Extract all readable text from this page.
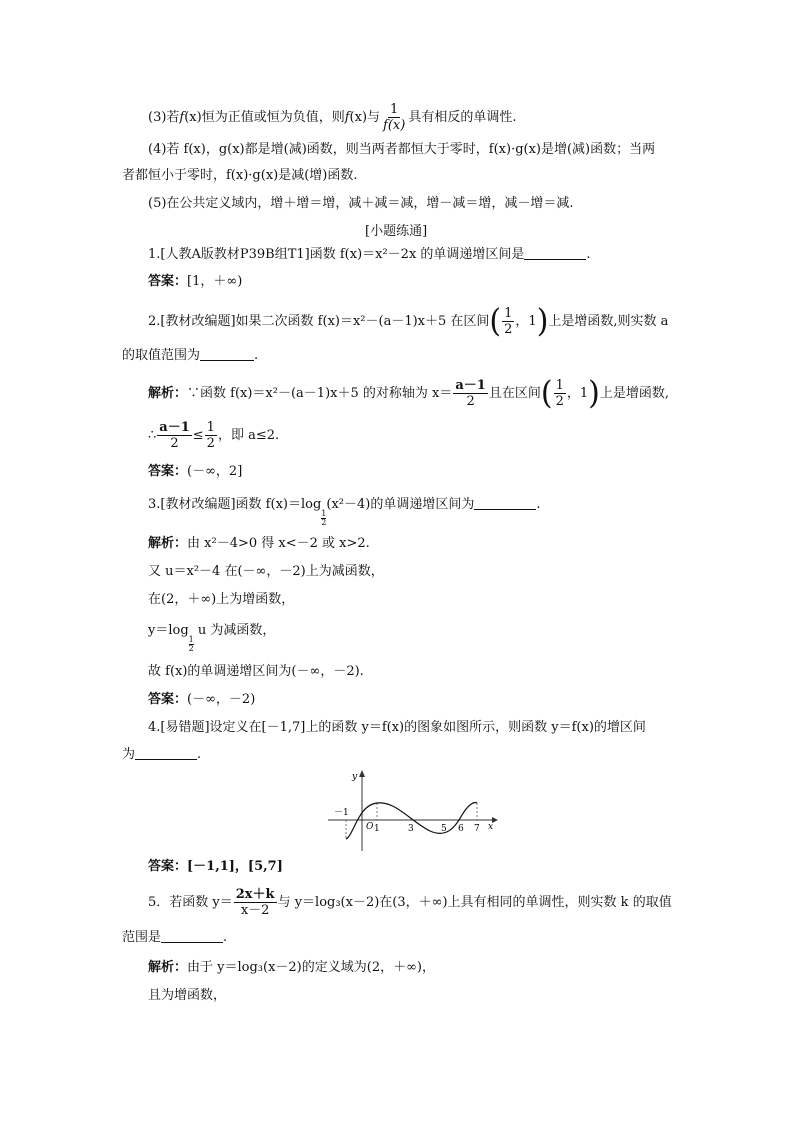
(3)若f(x)恒为正值或恒为负值，则f(x)与 $\frac{1}{f(x)}$ 具有相反的单调性.
(4)若 f(x)，g(x)都是增(减)函数，则当两者都恒大于零时，f(x)·g(x)是增(减)函数；当两
者都恒小于零时，f(x)·g(x)是减(增)函数.
(5)在公共定义域内，增＋增＝增，减＋减＝减，增－减＝增，减－增＝减.
[小题练通]
1.[人教A版教材P39B组T1]函数 f(x)＝x²－2x 的单调递增区间是	.
答案：[1，＋∞)
2.[教材改编题]如果二次函数 f(x)＝x²－(a－1)x＋5 在区间( $\frac{1}{2}$ ，1)上是增函数,则实数 a
的取值范围为	.
解析：∵函数 f(x)＝x²－(a－1)x＋5 的对称轴为 $x= \frac{a-1}{2}$ 且在区间( $\frac{1}{2}$ ，1)上是增函数,
∴ $\frac{a-1}{2} \le \frac{1}{2}$ ，即 a≤2.
答案：(－∞，2]
3.[教材改编题]函数 f(x)＝log
$\frac{1}{2}$
(x²－4)的单调递增区间为	.
解析：由 x²－4>0 得 x<－2 或 x>2.
又 u＝x²－4 在(－∞，－2)上为减函数，
在(2，＋∞)上为增函数，
y＝log
$\frac{1}{2}$
u 为减函数，
故 f(x)的单调递增区间为(－∞，－2).
答案：(－∞，－2)
4.[易错题]设定义在[－1,7]上的函数 y＝f(x)的图象如图所示，则函数 y＝f(x)的增区间
为	.
y
x
O
－1
1	3	5 6 7
答案：[－1,1]，[5,7]
5．若函数 $y= \frac{2x+k}{x-2}$ 与 y＝log₃(x－2)在(3，＋∞)上具有相同的单调性，则实数 k 的取值
范围是	.
解析：由于 y＝log₃(x－2)的定义域为(2，＋∞)，
且为增函数，
